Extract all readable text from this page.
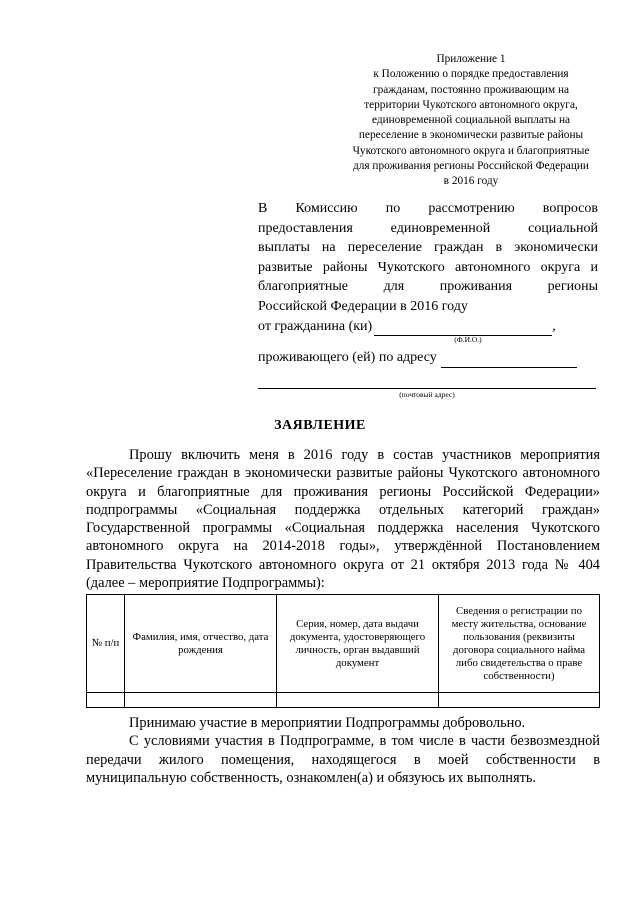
Приложение 1
к Положению о порядке предоставления
гражданам, постоянно проживающим на
территории Чукотского автономного округа,
единовременной социальной выплаты на
переселение в экономически развитые районы
Чукотского автономного округа и благоприятные
для проживания регионы Российской Федерации
в 2016 году
В Комиссию по рассмотрению вопросов
предоставления единовременной социальной
выплаты на переселение граждан в экономически
развитые районы Чукотского автономного округа и
благоприятные для проживания регионы
Российской Федерации в 2016 году
от гражданина (ки)	,
(Ф.И.О.)
проживающего (ей) по адресу
(почтовый адрес)
ЗАЯВЛЕНИЕ

Прошу включить меня в 2016 году в состав участников мероприятия «Переселение граждан в экономически развитые районы Чукотского автономного округа и благоприятные для проживания регионы Российской Федерации» подпрограммы «Социальная поддержка отдельных категорий граждан» Государственной программы «Социальная поддержка населения Чукотского автономного округа на 2014-2018 годы», утверждённой Постановлением Правительства Чукотского автономного округа от 21 октября 2013 года № 404 (далее – мероприятие Подпрограммы):

№ п/п	Фамилия, имя, отчество, дата рождения	Серия, номер, дата выдачи документа, удостоверяющего личность, орган выдавший документ	Сведения о регистрации по месту жительства, основание пользования (реквизиты договора социального найма либо свидетельства о праве собственности)

Принимаю участие в мероприятии Подпрограммы добровольно.

С условиями участия в Подпрограмме, в том числе в части безвозмездной передачи жилого помещения, находящегося в моей собственности в муниципальную собственность, ознакомлен(а) и обязуюсь их выполнять.
